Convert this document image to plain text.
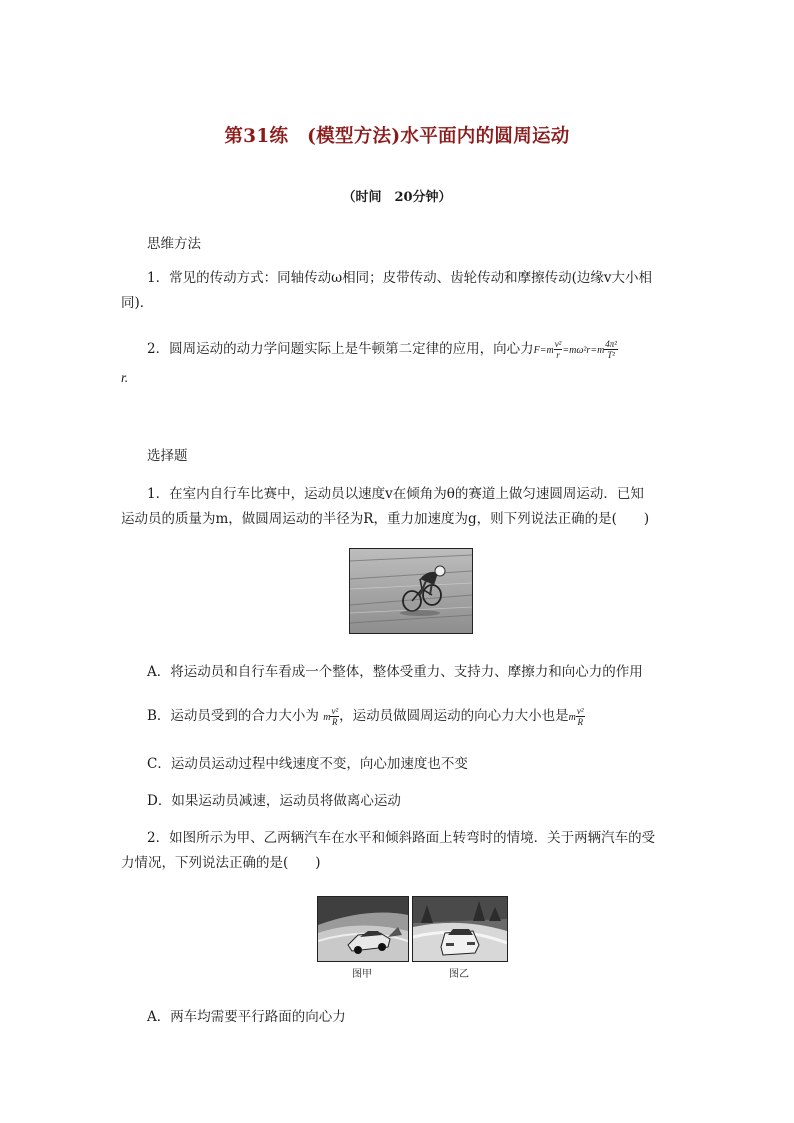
第31练　(模型方法)水平面内的圆周运动
（时间　20分钟）
思维方法
1．常见的传动方式：同轴传动ω相同；皮带传动、齿轮传动和摩擦传动(边缘v大小相
同)．
2．圆周运动的动力学问题实际上是牛顿第二定律的应用，向心力$F=m \frac{\text{v²}}{r} =m\omega^2r=m \frac{\text{4π²}}{\text{T²}}$
r.
选择题
1．在室内自行车比赛中，运动员以速度v在倾角为θ的赛道上做匀速圆周运动．已知
运动员的质量为m，做圆周运动的半径为R，重力加速度为g，则下列说法正确的是(　　)
A．将运动员和自行车看成一个整体，整体受重力、支持力、摩擦力和向心力的作用
B．运动员受到的合力大小为 m $\frac{\text{v²}}{R}$ ，运动员做圆周运动的向心力大小也是m $\frac{\text{v²}}{R}$
C．运动员运动过程中线速度不变，向心加速度也不变
D．如果运动员减速，运动员将做离心运动
2．如图所示为甲、乙两辆汽车在水平和倾斜路面上转弯时的情境．关于两辆汽车的受
力情况，下列说法正确的是(　　)
图甲	图乙
A．两车均需要平行路面的向心力
